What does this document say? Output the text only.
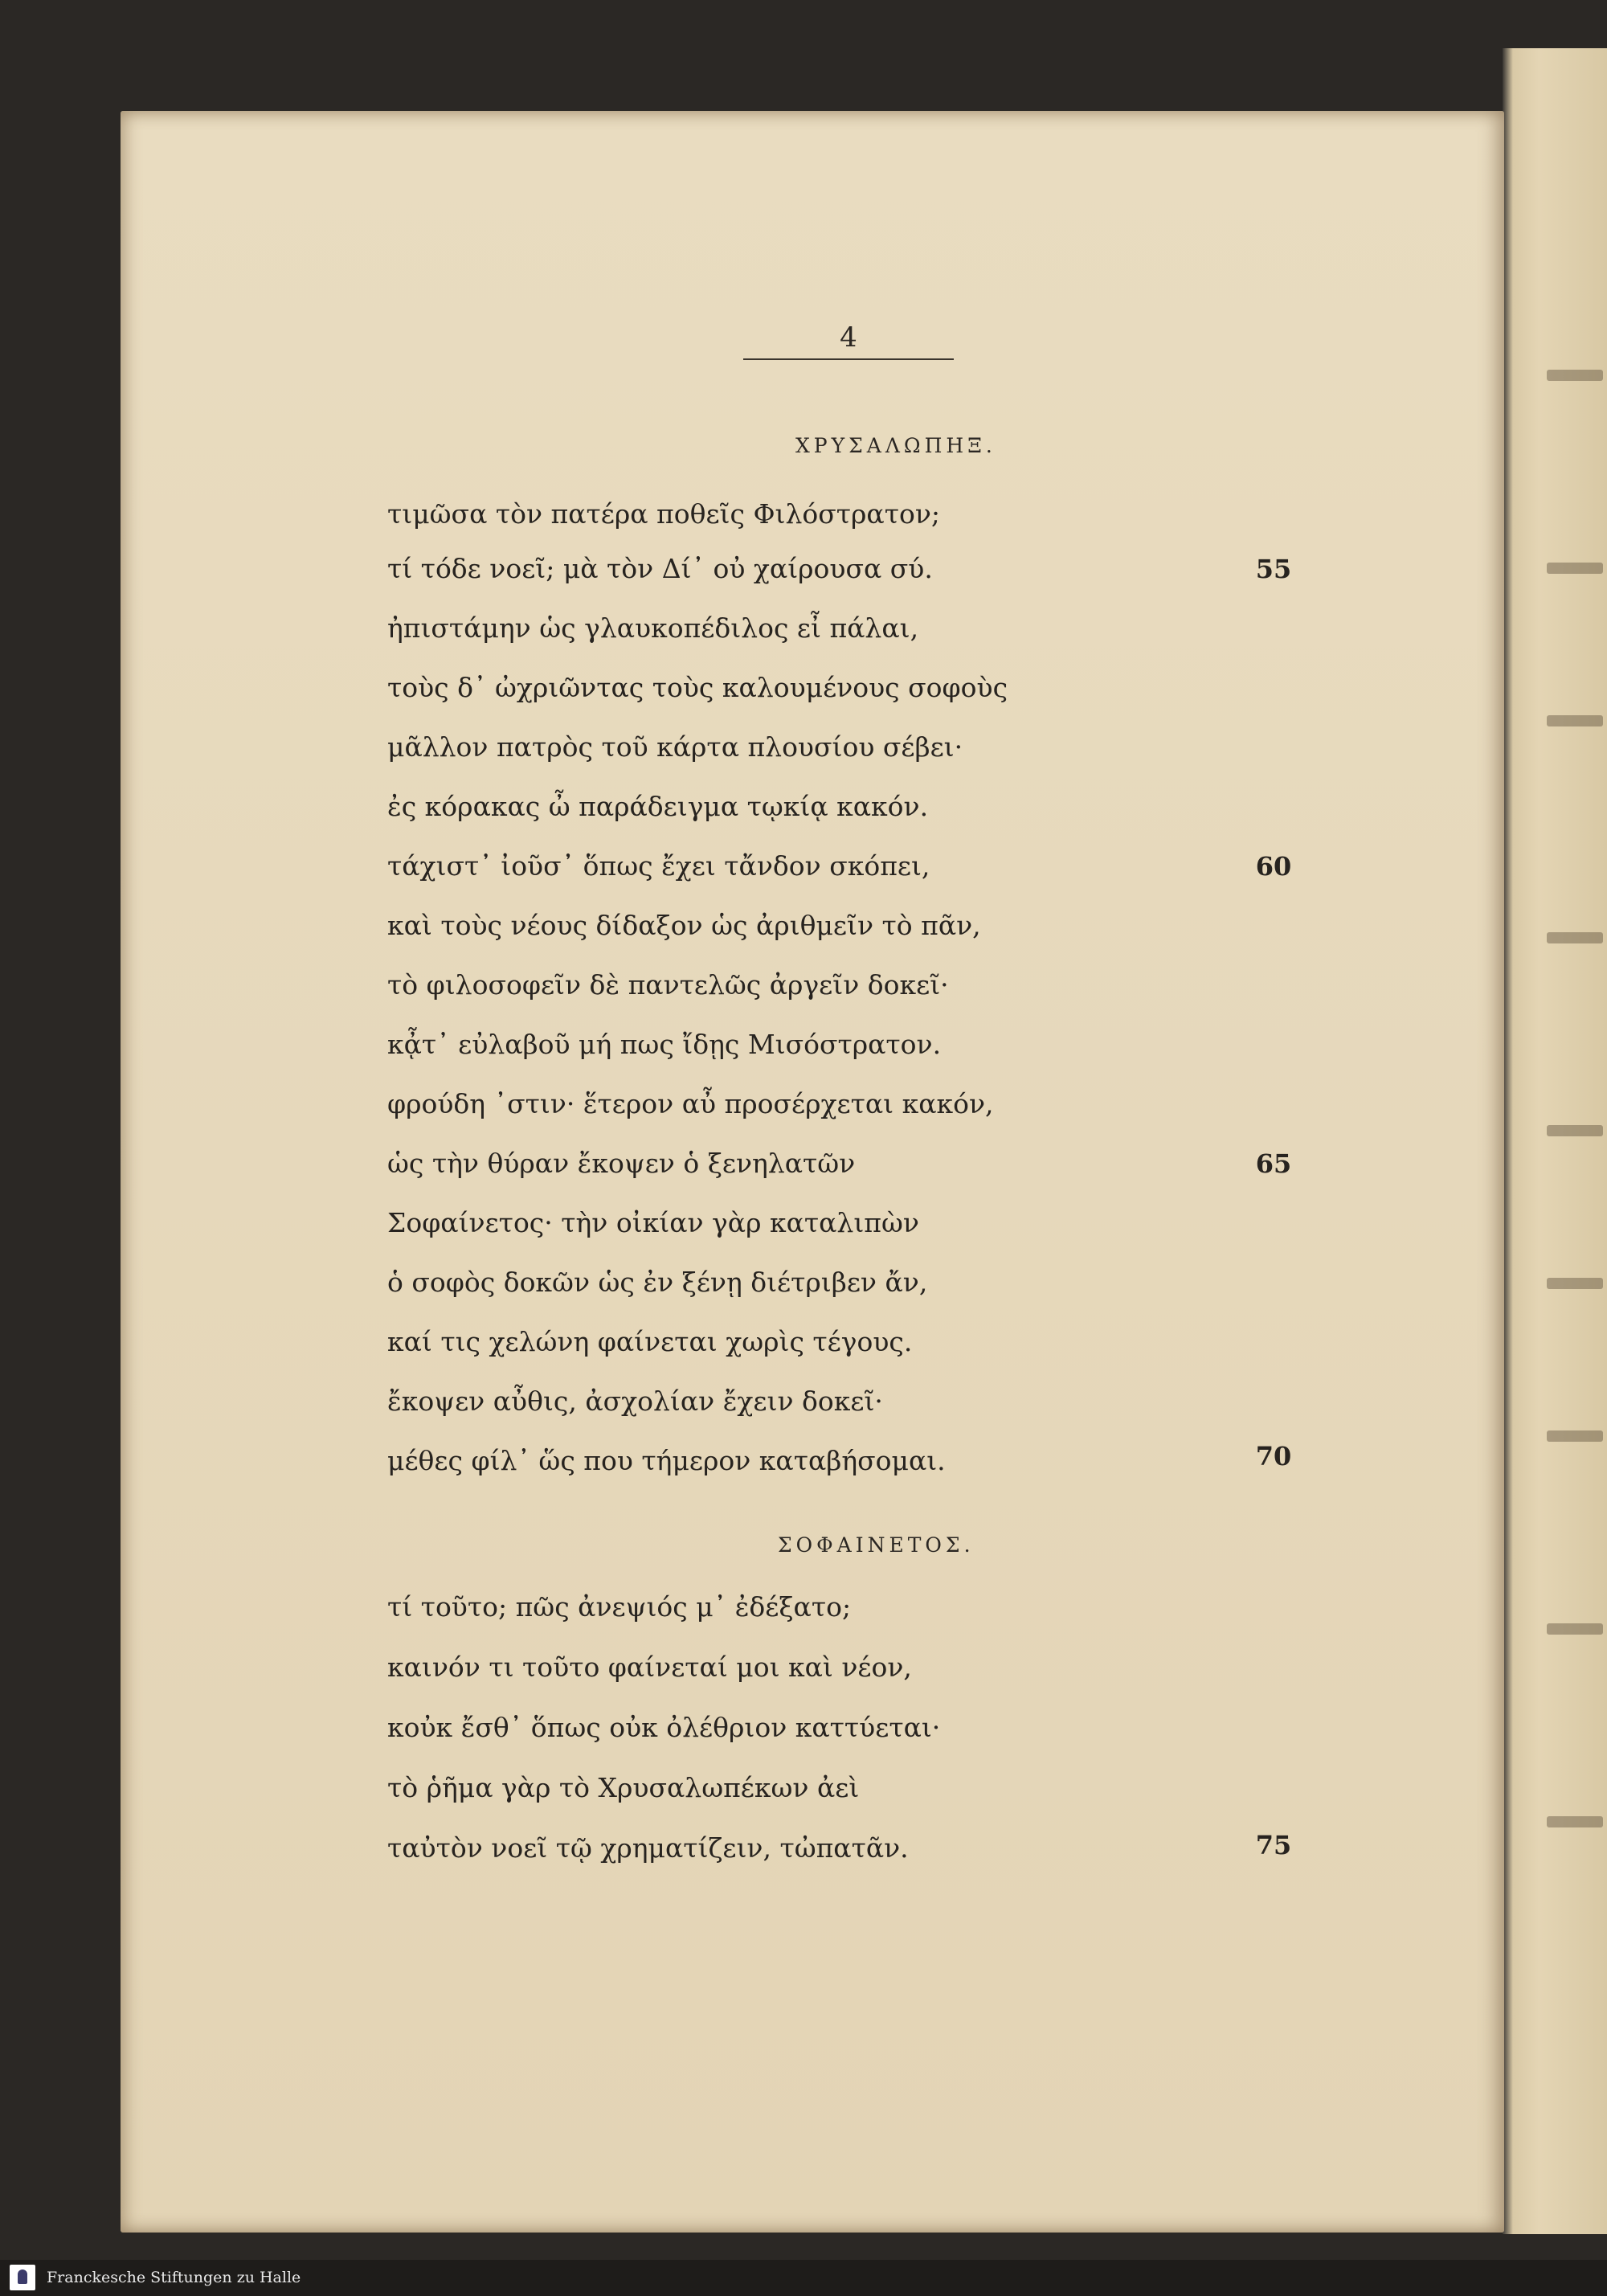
4
ΧΡΥΣΑΛΩΠΗΞ.
τιμῶσα τὸν πατέρα ποθεῖς Φιλόστρατον;
τί τόδε νοεῖ; μὰ τὸν Δί᾽ οὐ χαίρουσα σύ.	55
ἠπιστάμην ὡς γλαυκοπέδιλος εἶ πάλαι,
τοὺς δ᾽ ὠχριῶντας τοὺς καλουμένους σοφοὺς
μᾶλλον πατρὸς τοῦ κάρτα πλουσίου σέβει·
ἐς κόρακας ὦ παράδειγμα τῳκίᾳ κακόν.
τάχιστ᾽ ἰοῦσ᾽ ὅπως ἔχει τἄνδον σκόπει,	60
καὶ τοὺς νέους δίδαξον ὡς ἀριθμεῖν τὸ πᾶν,
τὸ φιλοσοφεῖν δὲ παντελῶς ἀργεῖν δοκεῖ·
κᾆτ᾽ εὐλαβοῦ μή πως ἴδῃς Μισόστρατον.
φρούδη ᾽στιν· ἕτερον αὖ προσέρχεται κακόν,
ὡς τὴν θύραν ἔκοψεν ὁ ξενηλατῶν	65
Σοφαίνετος· τὴν οἰκίαν γὰρ καταλιπὼν
ὁ σοφὸς δοκῶν ὡς ἐν ξένῃ διέτριβεν ἄν,
καί τις χελώνη φαίνεται χωρὶς τέγους.
ἔκοψεν αὖθις, ἀσχολίαν ἔχειν δοκεῖ·
μέθες φίλ᾽ ὥς που τήμερον καταβήσομαι.	70
ΣΟΦΑΙΝΕΤΟΣ.
τί τοῦτο; πῶς ἀνεψιός μ᾽ ἐδέξατο;
καινόν τι τοῦτο φαίνεταί μοι καὶ νέον,
κοὐκ ἔσθ᾽ ὅπως οὐκ ὀλέθριον καττύεται·
τὸ ῥῆμα γὰρ τὸ Χρυσαλωπέκων ἀεὶ
ταὐτὸν νοεῖ τῷ χρηματίζειν, τὠπατᾶν.	75
Franckesche Stiftungen zu Halle
